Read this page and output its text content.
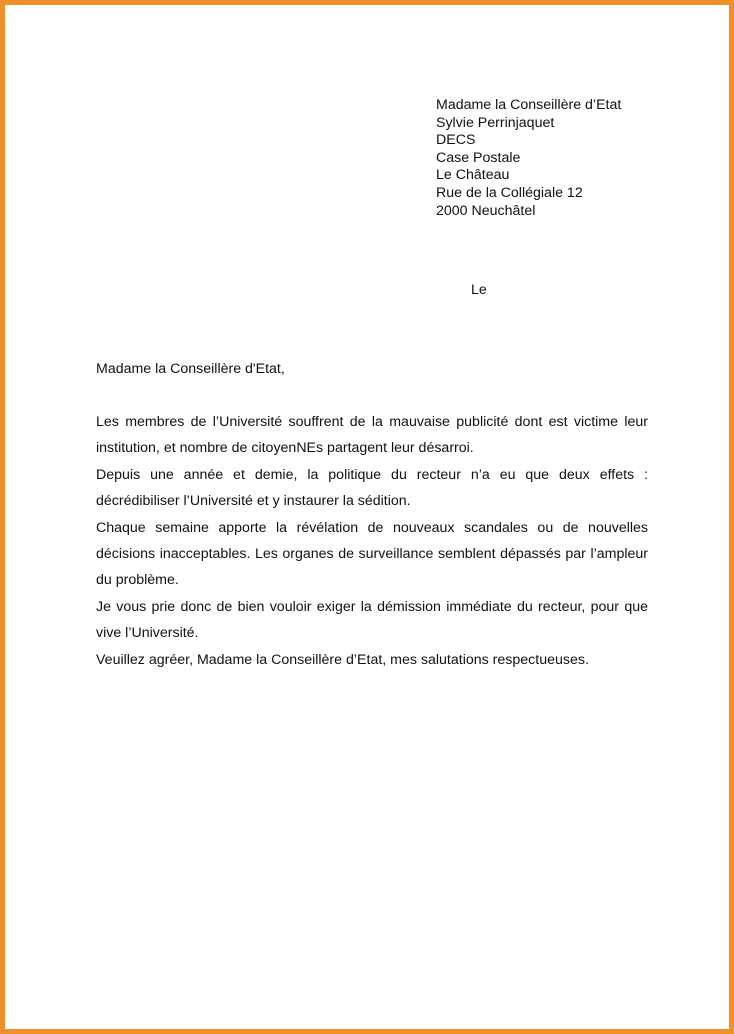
Madame la Conseillère d’Etat
Sylvie Perrinjaquet
DECS
Case Postale
Le Château
Rue de la Collégiale 12
2000 Neuchâtel
Le
Madame la Conseillère d'Etat,

Les membres de l’Université souffrent de la mauvaise publicité dont est victime leur institution, et nombre de citoyenNEs partagent leur désarroi.

Depuis une année et demie, la politique du recteur n’a eu que deux effets : décrédibiliser l’Université et y instaurer la sédition.

Chaque semaine apporte la révélation de nouveaux scandales ou de nouvelles décisions inacceptables. Les organes de surveillance semblent dépassés par l’ampleur du problème.

Je vous prie donc de bien vouloir exiger la démission immédiate du recteur, pour que vive l’Université.

Veuillez agréer, Madame la Conseillère d’Etat, mes salutations respectueuses.
